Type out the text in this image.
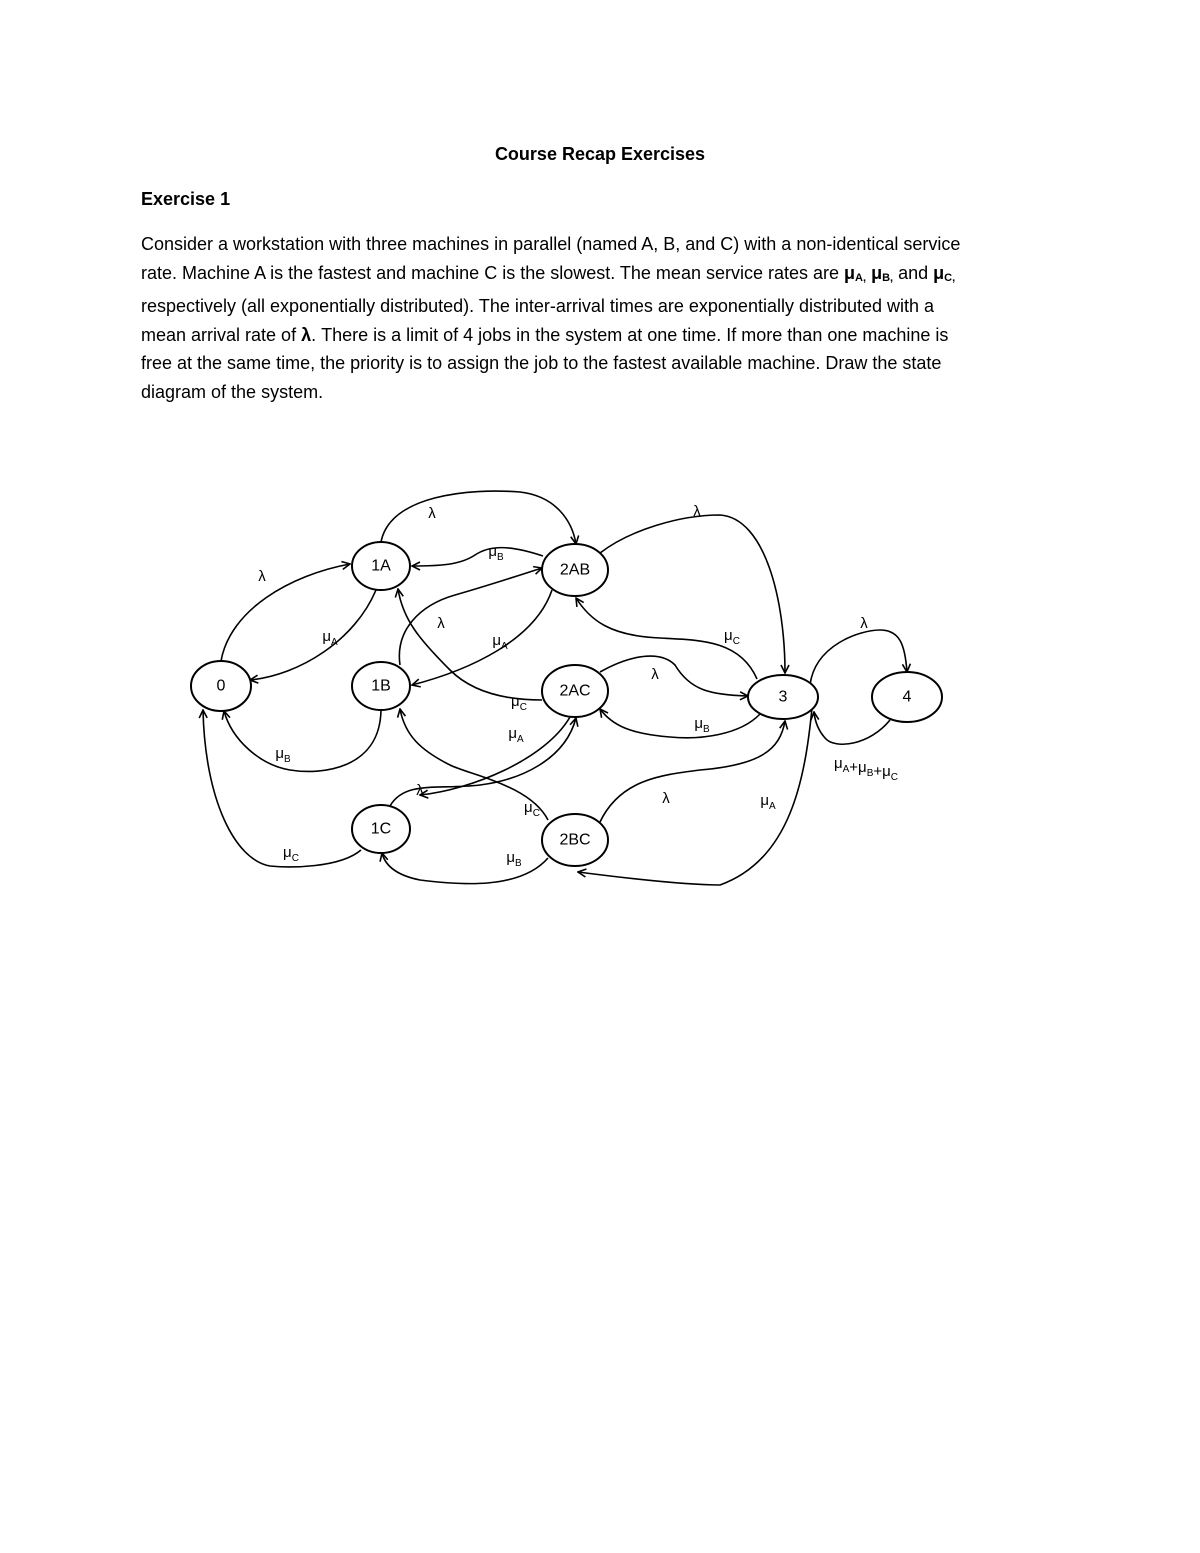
Course Recap Exercises
Exercise 1
Consider a workstation with three machines in parallel (named A, B, and C) with a non-identical service
rate. Machine A is the fastest and machine C is the slowest. The mean service rates are $\mu_{A,}$ $\mu_{B,}$ and $\mu_{C,}$
respectively (all exponentially distributed). The inter-arrival times are exponentially distributed with a
mean arrival rate of λ. There is a limit of 4 jobs in the system at one time. If more than one machine is
free at the same time, the priority is to assign the job to the fastest available machine. Draw the state
diagram of the system.
0
1A
1B
1C
2AB
2AC
2BC
3	4
λ
$\mu_A$
$\mu_B$
$\mu_C$
λ
$\mu_B$
$\mu_A$
λ
$\mu_C$
$\mu_A$
λ
$\mu_C$
$\mu_B$
λ
$\mu_C$
λ
$\mu_B$
λ	$\mu_A$
λ
$\mu_A+\mu_B+\mu_C$
